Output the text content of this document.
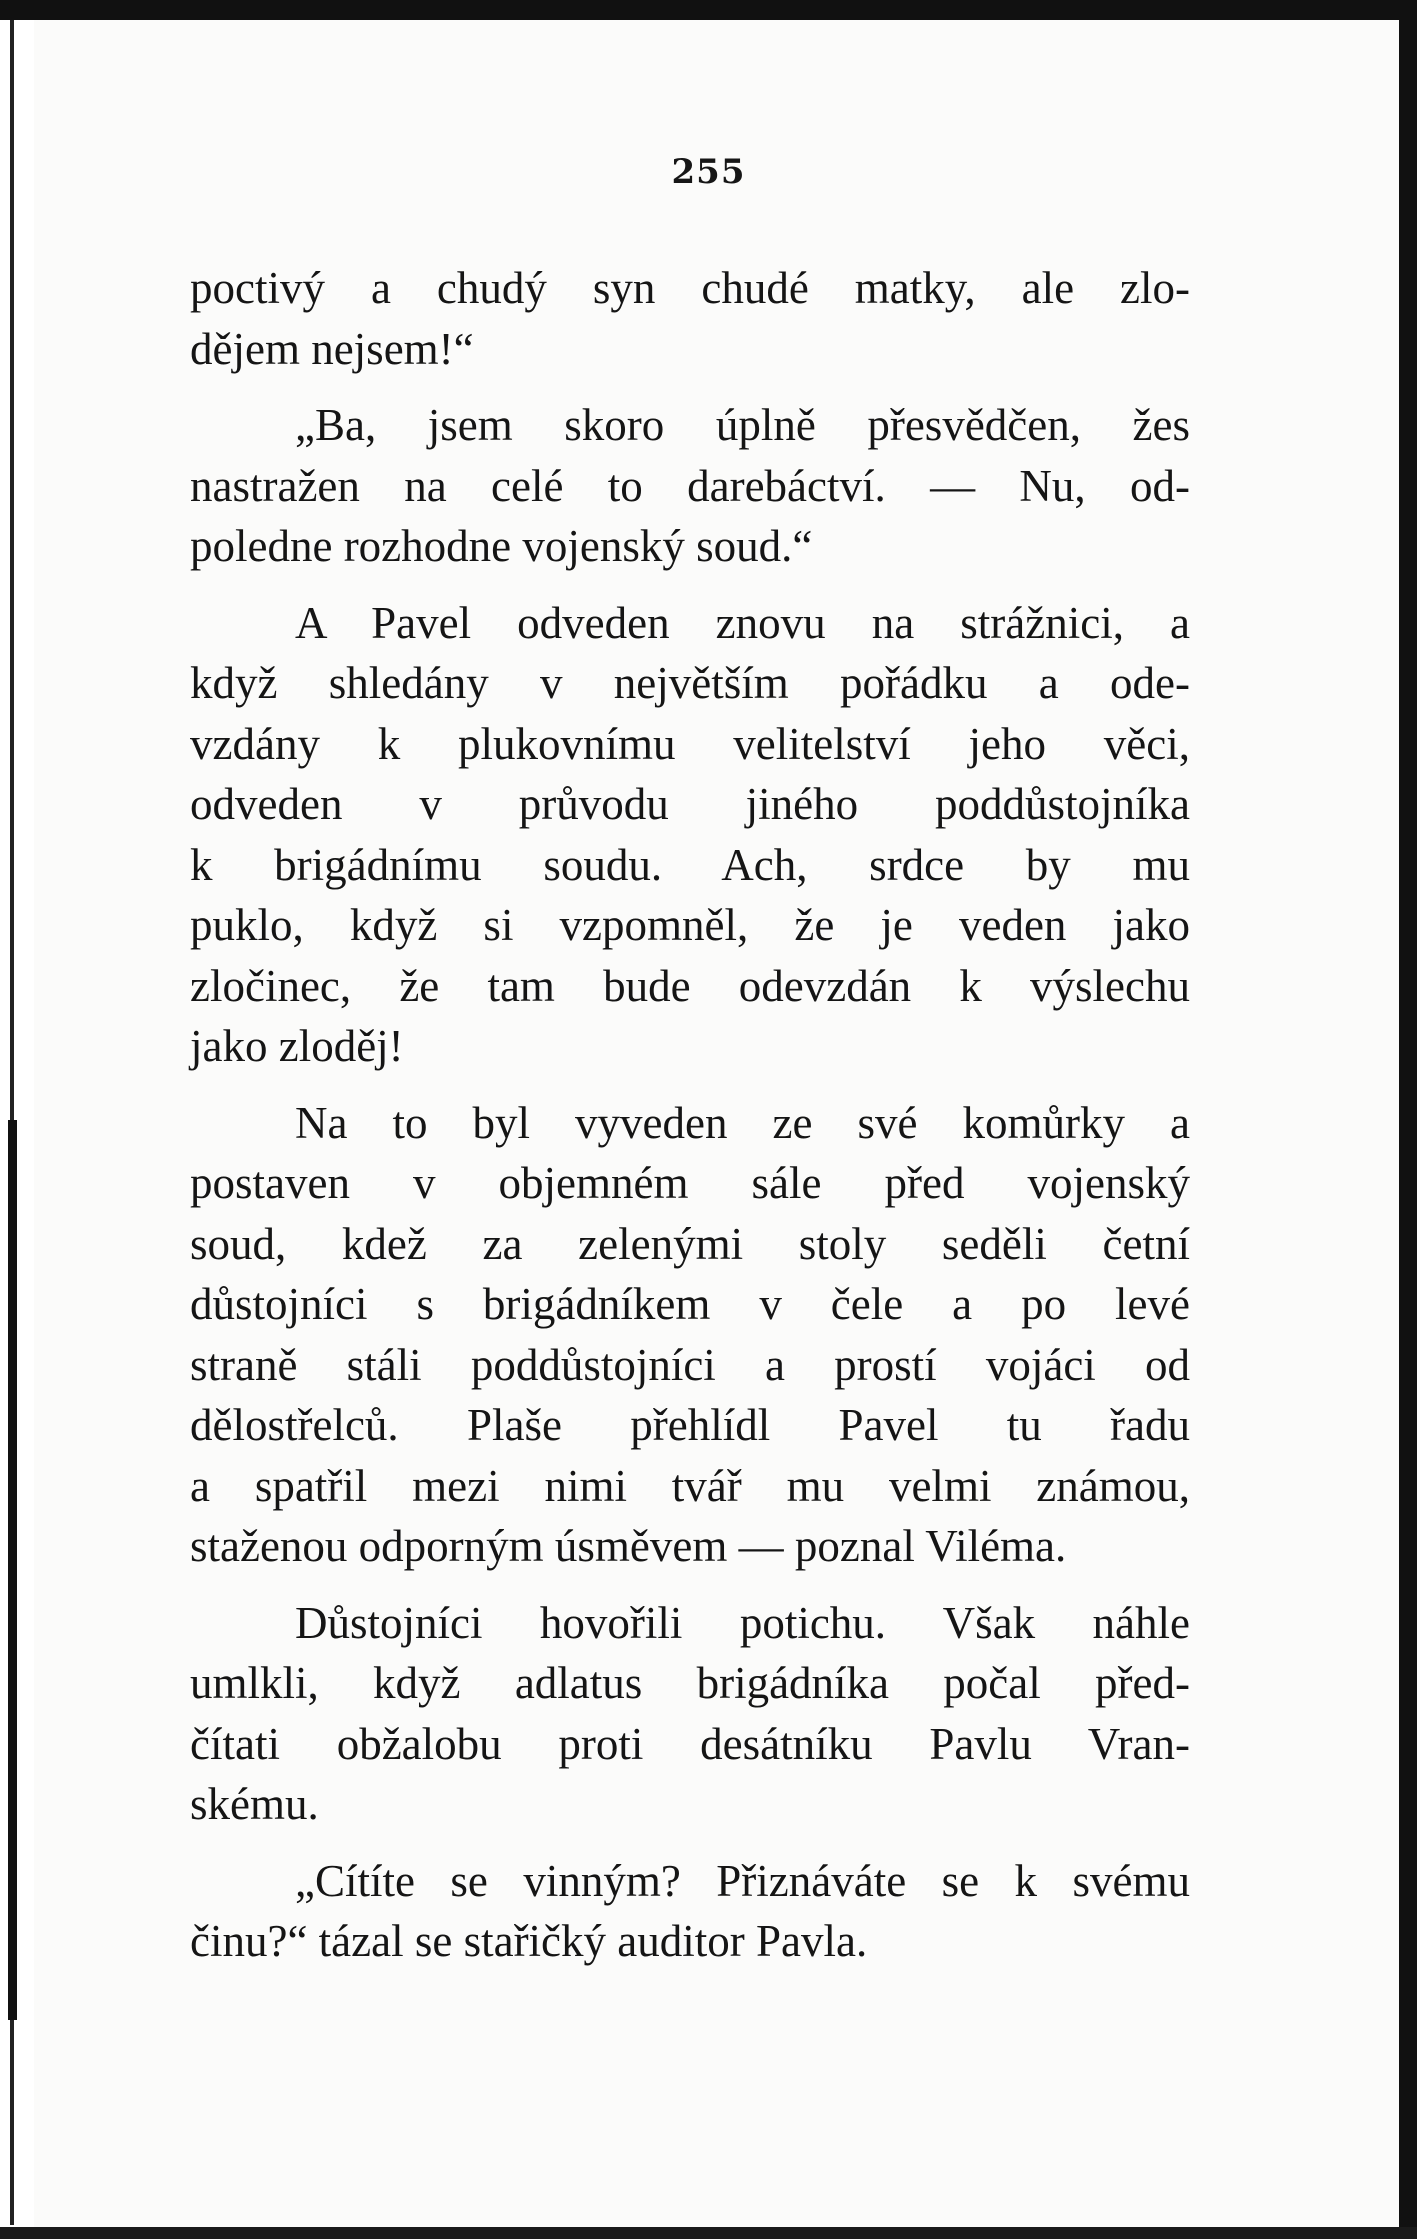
255
poctivý a chudý syn chudé matky, ale zlo-
dějem nejsem!“
„Ba, jsem skoro úplně přesvědčen, žes
nastražen na celé to darebáctví. — Nu, od-
poledne rozhodne vojenský soud.“
A Pavel odveden znovu na strážnici, a
když shledány v největším pořádku a ode-
vzdány k plukovnímu velitelství jeho věci,
odveden v průvodu jiného poddůstojníka
k brigádnímu soudu. Ach, srdce by mu
puklo, když si vzpomněl, že je veden jako
zločinec, že tam bude odevzdán k výslechu
jako zloděj!
Na to byl vyveden ze své komůrky a
postaven v objemném sále před vojenský
soud, kdež za zelenými stoly seděli četní
důstojníci s brigádníkem v čele a po levé
straně stáli poddůstojníci a prostí vojáci od
dělostřelců. Plaše přehlídl Pavel tu řadu
a spatřil mezi nimi tvář mu velmi známou,
staženou odporným úsměvem — poznal Viléma.
Důstojníci hovořili potichu. Však náhle
umlkli, když adlatus brigádníka počal před-
čítati obžalobu proti desátníku Pavlu Vran-
skému.
„Cítíte se vinným? Přiznáváte se k svému
činu?“ tázal se stařičký auditor Pavla.
